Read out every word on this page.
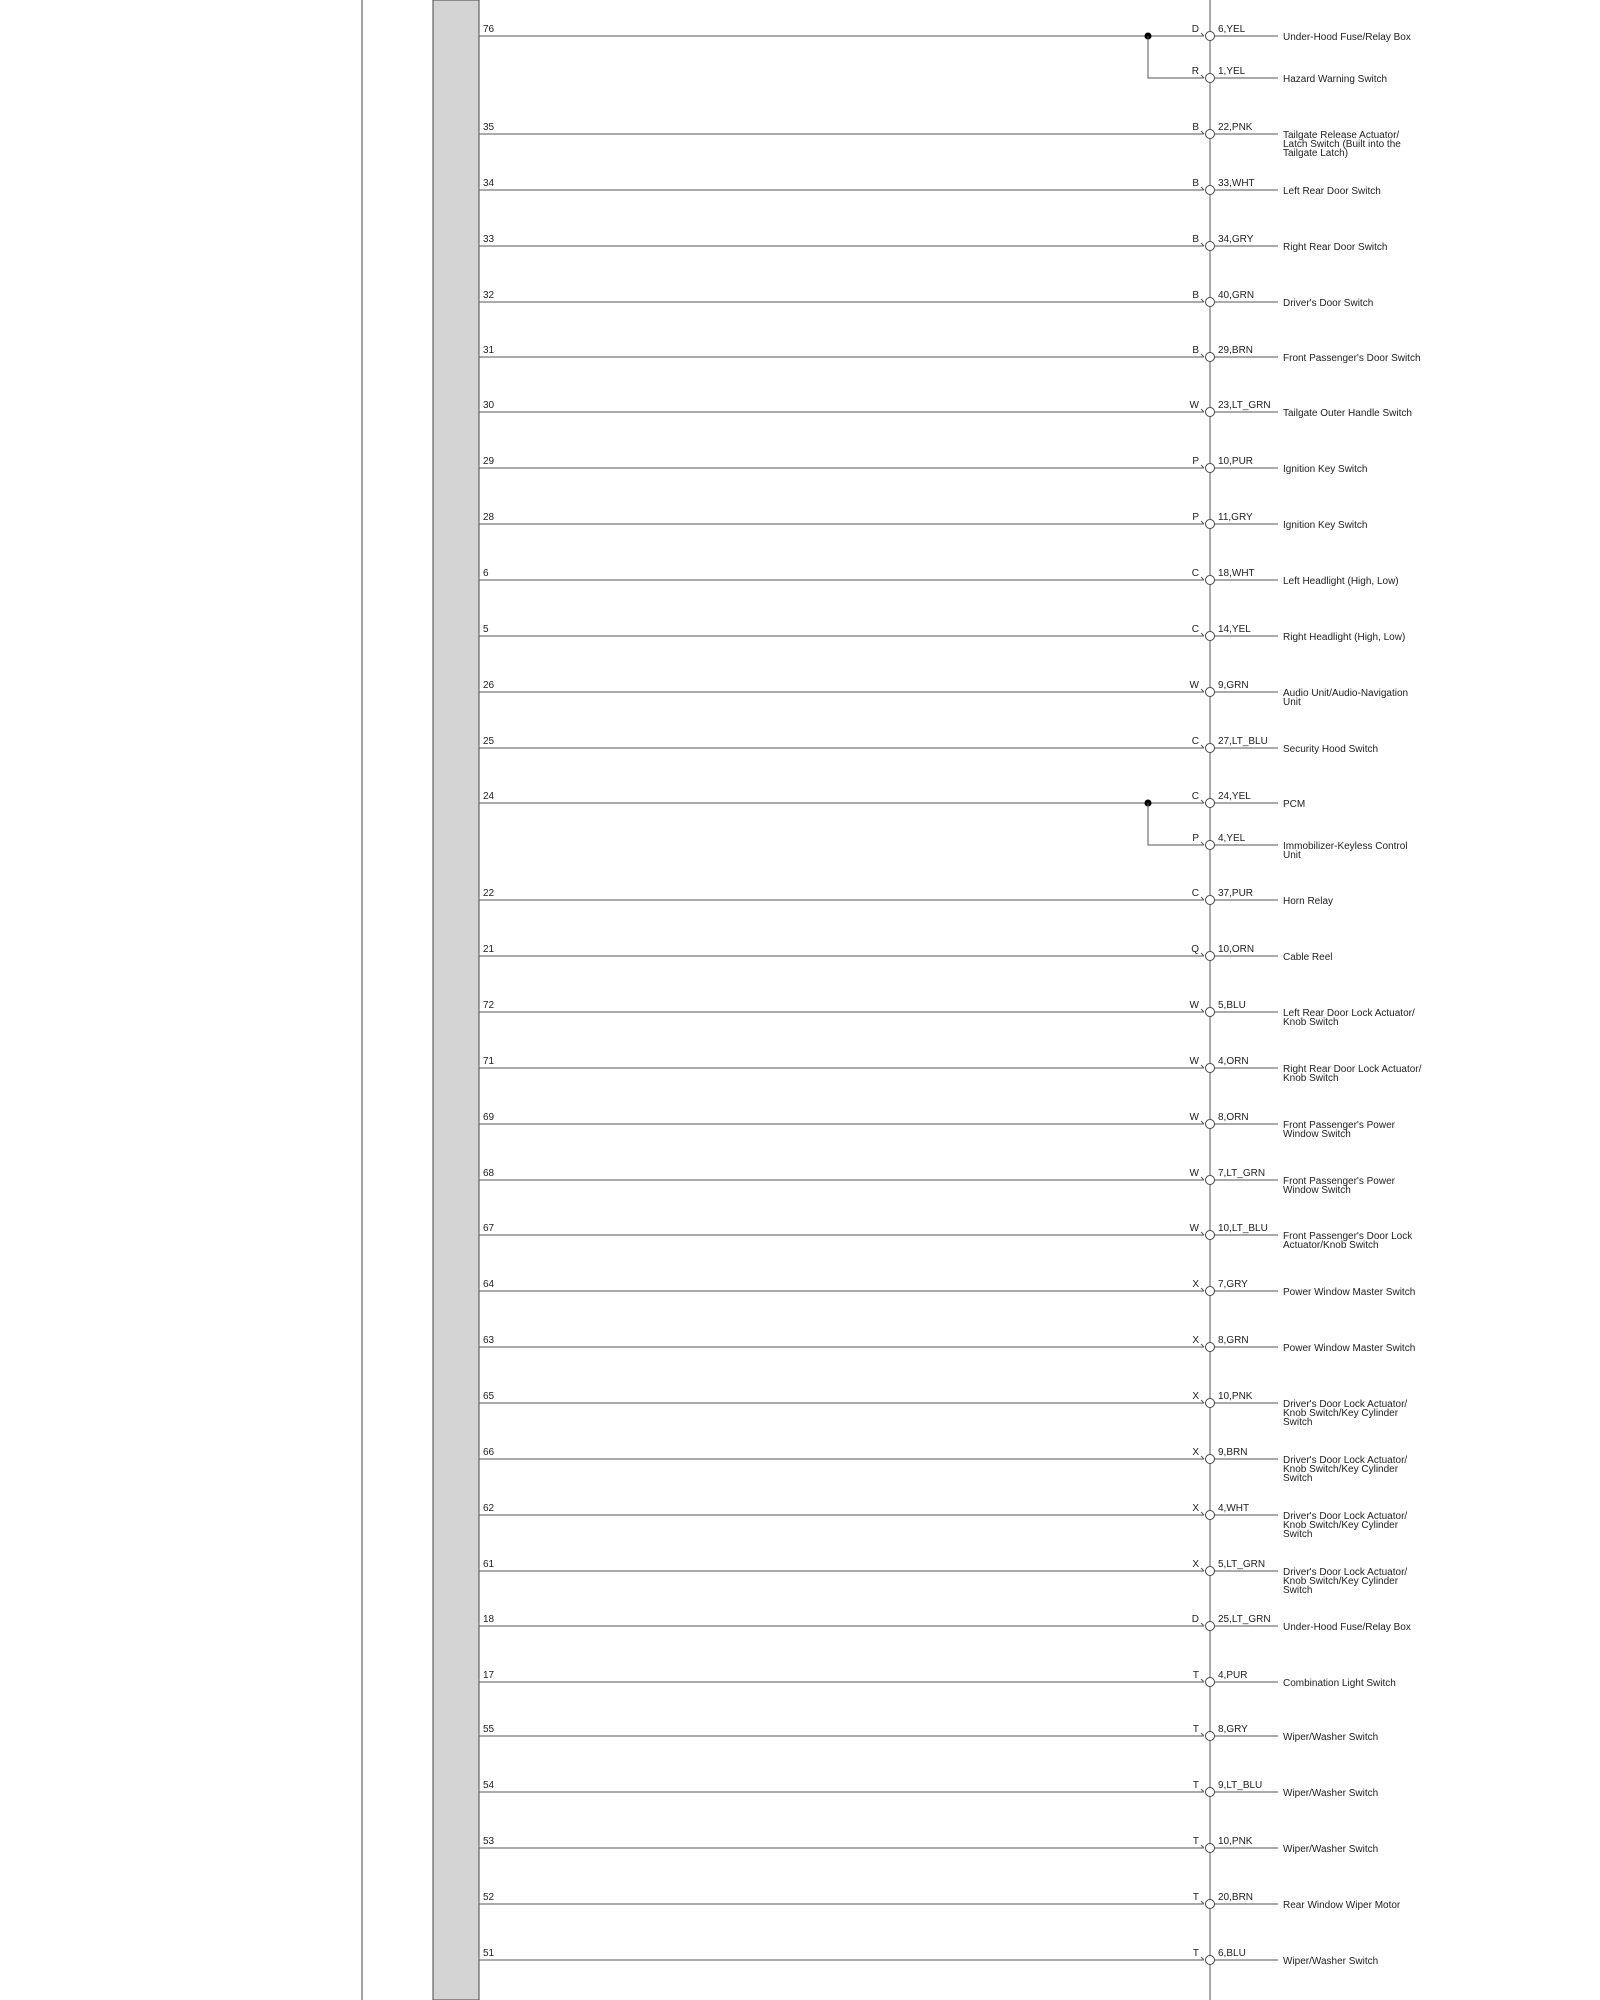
76	D 6,YEL
Under-Hood Fuse/Relay Box
R 1,YEL
Hazard Warning Switch
35	B 22,PNK
Tailgate Release Actuator/ Latch Switch (Built into the Tailgate Latch)
34	B 33,WHT
Left Rear Door Switch
33	B 34,GRY
Right Rear Door Switch
32	B 40,GRN
Driver's Door Switch
31	B 29,BRN
Front Passenger's Door Switch
30	W 23,LT_GRN
Tailgate Outer Handle Switch
29	P 10,PUR
Ignition Key Switch
28	P 11,GRY
Ignition Key Switch
6	C 18,WHT
Left Headlight (High, Low)
5	C 14,YEL
Right Headlight (High, Low)
26	W 9,GRN
Audio Unit/Audio-Navigation Unit
25	C 27,LT_BLU
Security Hood Switch
24	C 24,YEL
PCM
P 4,YEL
Immobilizer-Keyless Control Unit
22	C 37,PUR
Horn Relay
21	Q 10,ORN
Cable Reel
72	W 5,BLU
Left Rear Door Lock Actuator/ Knob Switch
71	W 4,ORN
Right Rear Door Lock Actuator/ Knob Switch
69	W 8,ORN
Front Passenger's Power Window Switch
68	W 7,LT_GRN
Front Passenger's Power Window Switch
67	W 10,LT_BLU
Front Passenger's Door Lock Actuator/Knob Switch
64	X 7,GRY
Power Window Master Switch
63	X 8,GRN
Power Window Master Switch
65	X 10,PNK
Driver's Door Lock Actuator/ Knob Switch/Key Cylinder Switch
66	X 9,BRN
Driver's Door Lock Actuator/ Knob Switch/Key Cylinder Switch
62	X 4,WHT
Driver's Door Lock Actuator/ Knob Switch/Key Cylinder Switch
61	X 5,LT_GRN
Driver's Door Lock Actuator/ Knob Switch/Key Cylinder Switch
18	D 25,LT_GRN
Under-Hood Fuse/Relay Box
17	T 4,PUR
Combination Light Switch
55	T 8,GRY
Wiper/Washer Switch
54	T 9,LT_BLU
Wiper/Washer Switch
53	T 10,PNK
Wiper/Washer Switch
52	T 20,BRN
Rear Window Wiper Motor
51	T 6,BLU
Wiper/Washer Switch
